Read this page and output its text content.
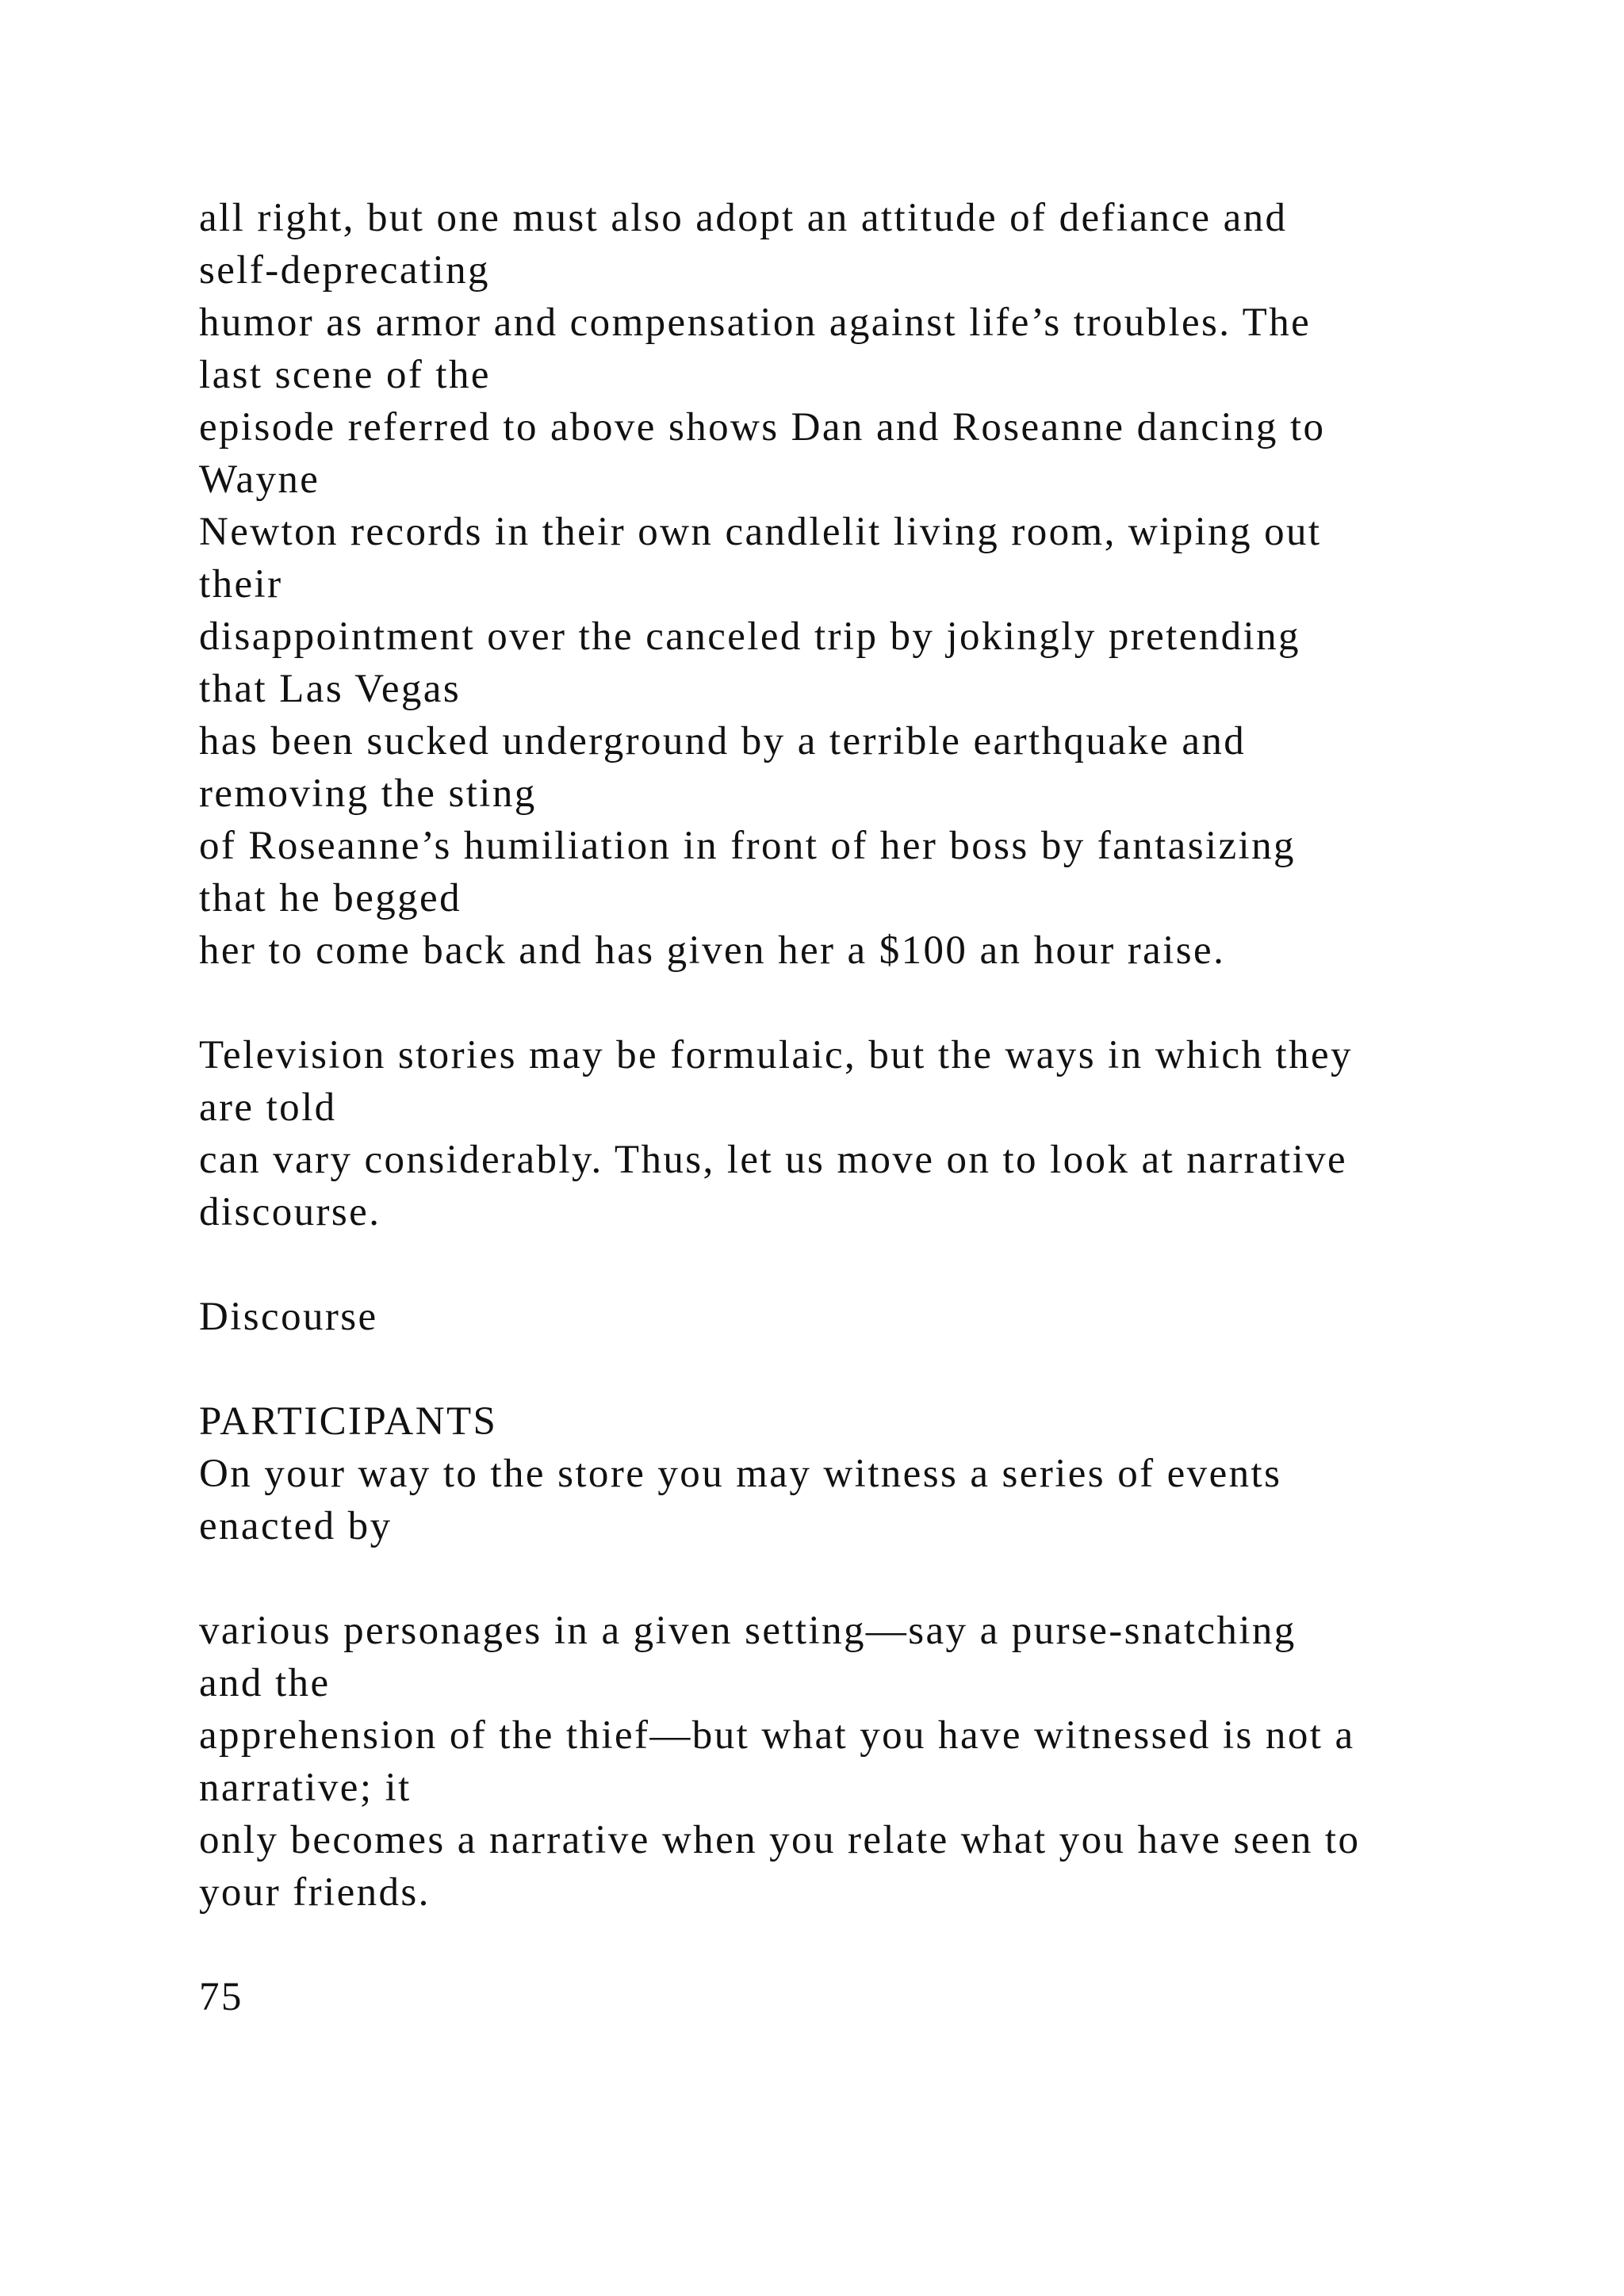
all right, but one must also adopt an attitude of defiance and
self-deprecating
humor as armor and compensation against life’s troubles. The
last scene of the
episode referred to above shows Dan and Roseanne dancing to
Wayne
Newton records in their own candlelit living room, wiping out
their
disappointment over the canceled trip by jokingly pretending
that Las Vegas
has been sucked underground by a terrible earthquake and
removing the sting
of Roseanne’s humiliation in front of her boss by fantasizing
that he begged
her to come back and has given her a $100 an hour raise.
Television stories may be formulaic, but the ways in which they
are told
can vary considerably. Thus, let us move on to look at narrative
discourse.
Discourse
PARTICIPANTS
On your way to the store you may witness a series of events
enacted by
various personages in a given setting—say a purse-snatching
and the
apprehension of the thief—but what you have witnessed is not a
narrative; it
only becomes a narrative when you relate what you have seen to
your friends.
75
